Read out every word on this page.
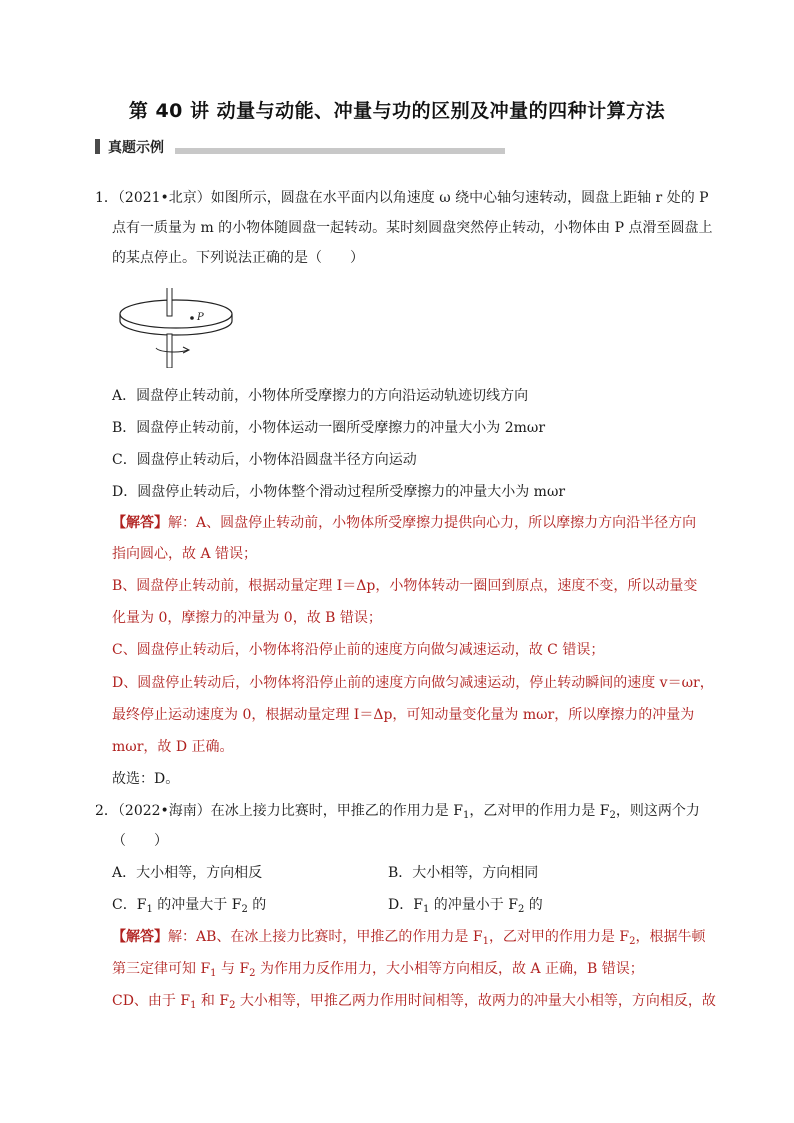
第 40 讲 动量与动能、冲量与功的区别及冲量的四种计算方法
真题示例
1．（2021•北京）如图所示，圆盘在水平面内以角速度 ω 绕中心轴匀速转动，圆盘上距轴 r 处的 P
点有一质量为 m 的小物体随圆盘一起转动。某时刻圆盘突然停止转动，小物体由 P 点滑至圆盘上
的某点停止。下列说法正确的是（　　）
P
A．圆盘停止转动前，小物体所受摩擦力的方向沿运动轨迹切线方向
B．圆盘停止转动前，小物体运动一圈所受摩擦力的冲量大小为 2mωr
C．圆盘停止转动后，小物体沿圆盘半径方向运动
D．圆盘停止转动后，小物体整个滑动过程所受摩擦力的冲量大小为 mωr
【解答】解：A、圆盘停止转动前，小物体所受摩擦力提供向心力，所以摩擦力方向沿半径方向
指向圆心，故 A 错误；
B、圆盘停止转动前，根据动量定理 I＝Δp，小物体转动一圈回到原点，速度不变，所以动量变
化量为 0，摩擦力的冲量为 0，故 B 错误；
C、圆盘停止转动后，小物体将沿停止前的速度方向做匀减速运动，故 C 错误；
D、圆盘停止转动后，小物体将沿停止前的速度方向做匀减速运动，停止转动瞬间的速度 v＝ωr，
最终停止运动速度为 0，根据动量定理 I＝Δp，可知动量变化量为 mωr，所以摩擦力的冲量为
mωr，故 D 正确。
故选：D。
2．（2022•海南）在冰上接力比赛时，甲推乙的作用力是 $F_1$，乙对甲的作用力是 $F_2$，则这两个力
（　　）
A．大小相等，方向相反	B．大小相等，方向相同
C．$F_1$ 的冲量大于 $F_2$ 的	D．$F_1$ 的冲量小于 $F_2$ 的
【解答】解：AB、在冰上接力比赛时，甲推乙的作用力是 $F_1$，乙对甲的作用力是 $F_2$，根据牛顿
第三定律可知 $F_1$ 与 $F_2$ 为作用力反作用力，大小相等方向相反，故 A 正确，B 错误；
CD、由于 $F_1$ 和 $F_2$ 大小相等，甲推乙两力作用时间相等，故两力的冲量大小相等，方向相反，故
